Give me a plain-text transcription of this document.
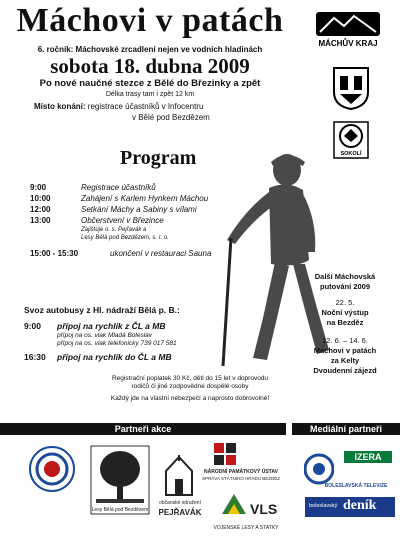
Máchovi v patách
6. ročník: Máchovské zrcadlení nejen ve vodních hladinách
sobota 18. dubna 2009
Po nové naučné stezce z Bělé do Březinky a zpět
Délka trasy tam i zpět 12 km
Místo konání: registrace účastníků v Infocentru
v Bělé pod Bezdězem
MÁCHŮV KRAJ
SOKOLÍ
Program
9:00	Registrace účastníků
10:00	Zahájení s Karlem Hynkem Máchou
12:00	Setkání Máchy a Sabiny s vílami
13:00	Občerstvení v Březince
Zajištuje o. s. Pejřavák a
Lesy Bělá pod Bezdězem, s. r. o.
15:00 - 15:30	ukončení v restauraci Sauna
Svoz autobusy z Hl. nádraží Bělá p. B.:
9:00 přípoj na rychlík z ČL a MB
přípoj na os. vlak Mladá Boleslav
přípoj na os. vlak telefonicky 739 017 581
16:30 přípoj na rychlík do ČL a MB
Další Máchovská
putování 2009
22. 5.
Noční výstup
na Bezděz
12. 6. – 14. 6.
Máchovi v patách
za Kelty
Dvoudenní zájezd
Registrační poplatek 30 Kč, děti do 15 let v doprovodu
rodičů či jiné zodpovědné dospělé osoby
Každý jde na vlastní nebezpečí a naprosto dobrovolně!
Partneři akce	Mediální partneři
Lesy Bělá pod Bezdězem
občanské sdružení
PEJŘAVÁK
NÁRODNÍ PAMÁTKOVÝ ÚSTAV
SPRÁVA STÁTNÍHO HRADU BEZDĚZ
VLS
VOJENSKÉ LESY A STATKY
IZERA
BOLESLAVSKÁ TELEVIZE
boleslavský deník
